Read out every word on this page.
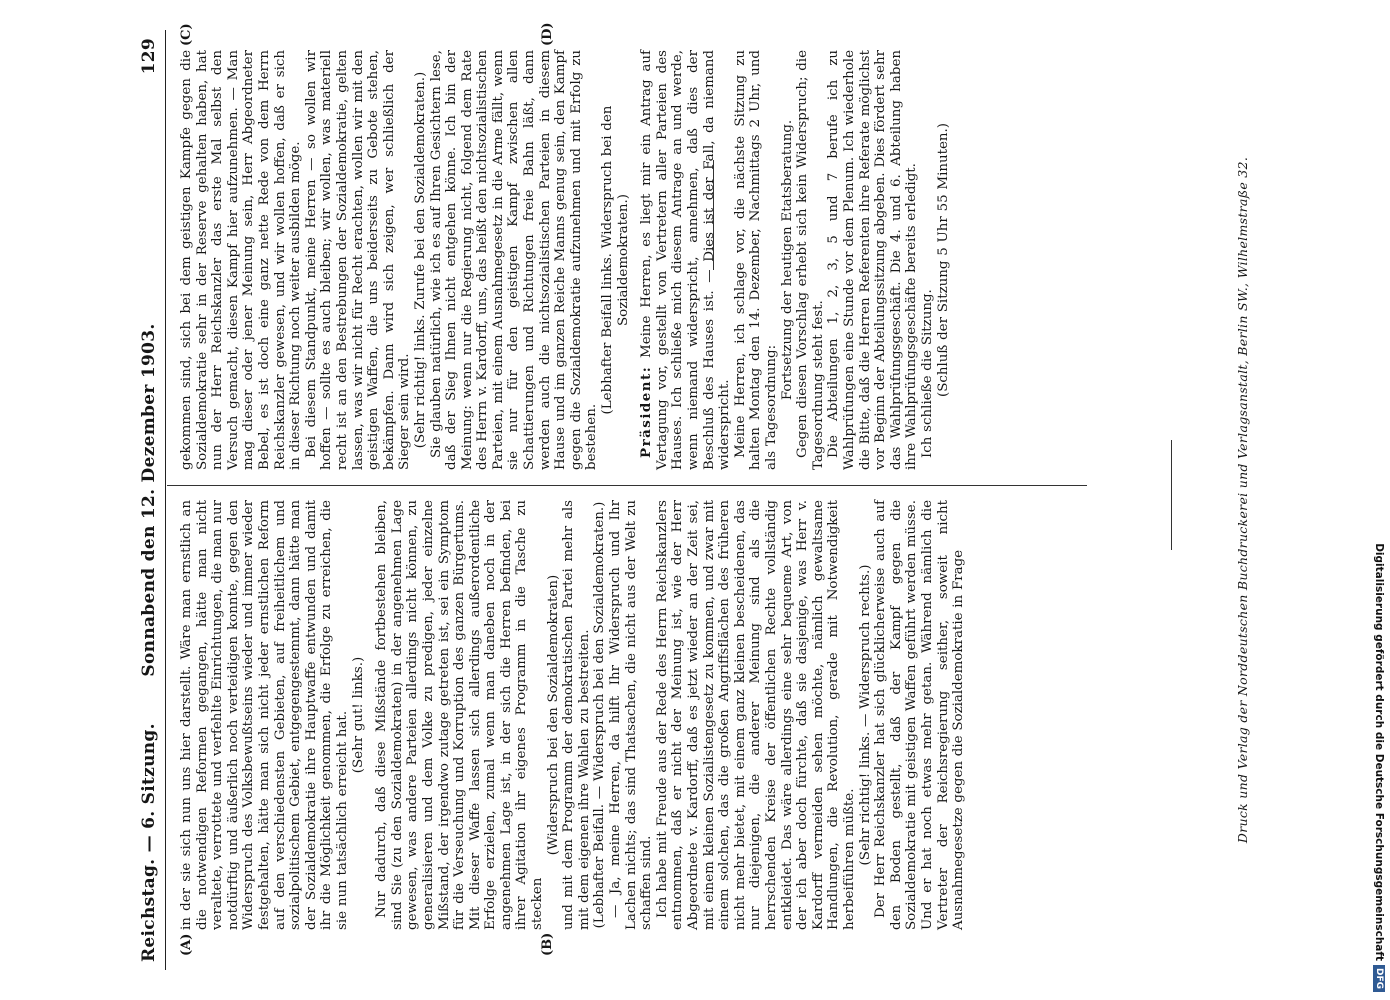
Reichstag. — 6. Sitzung.
Sonnabend den 12. Dezember 1903.
129
(A)	(B)
(C)	(D)

in der sie sich nun uns hier darstellt. Wäre man ernstlich an die notwendigen Reformen gegangen, hätte man nicht veraltete, verrottete und verfehlte Einrichtungen, die man nur notdürftig und äußerlich noch verteidigen konnte, gegen den Widerspruch des Volksbewußtseins wieder und immer wieder festgehalten, hätte man sich nicht jeder ernstlichen Reform auf den verschiedensten Gebieten, auf freiheitlichem und sozialpolitischem Gebiet, entgegengestemmt, dann hätte man der Sozialdemokratie ihre Hauptwaffe entwunden und damit ihr die Möglichkeit genommen, die Erfolge zu erreichen, die sie nun tatsächlich erreicht hat. (Sehr gut! links.) Nur dadurch, daß diese Mißstände fortbestehen bleiben, sind Sie (zu den Sozialdemokraten) in der angenehmen Lage gewesen, was andere Parteien allerdings nicht können, zu generalisieren und dem Volke zu predigen, jeder einzelne Mißstand, der irgendwo zutage getreten ist, sei ein Symptom für die Verseuchung und Korruption des ganzen Bürgertums. Mit dieser Waffe lassen sich allerdings außerordentliche Erfolge erzielen, zumal wenn man daneben noch in der angenehmen Lage ist, in der sich die Herren befinden, bei ihrer Agitation ihr eigenes Programm in die Tasche zu stecken

(Widerspruch bei den Sozialdemokraten) und mit dem Programm der demokratischen Partei mehr als mit dem eigenen ihre Wahlen zu bestreiten. (Lebhafter Beifall. — Widerspruch bei den Sozialdemokraten.) — Ja, meine Herren, da hilft Ihr Widerspruch und Ihr Lachen nichts; das sind Thatsachen, die nicht aus der Welt zu schaffen sind. Ich habe mit Freude aus der Rede des Herrn Reichskanzlers entnommen, daß er nicht der Meinung ist, wie der Herr Abgeordnete v. Kardorff, daß es jetzt wieder an der Zeit sei, mit einem kleinen Sozialistengesetz zu kommen, und zwar mit einem solchen, das die großen Angriffsflächen des früheren nicht mehr bietet, mit einem ganz kleinen bescheidenen, das nur diejenigen, die anderer Meinung sind als die herrschenden Kreise der öffentlichen Rechte vollständig entkleidet. Das wäre allerdings eine sehr bequeme Art, von der ich aber doch fürchte, daß sie dasjenige, was Herr v. Kardorff vermeiden sehen möchte, nämlich gewaltsame Handlungen, die Revolution, gerade mit Notwendigkeit herbeiführen müßte. (Sehr richtig! links. — Widerspruch rechts.) Der Herr Reichskanzler hat sich glücklicherweise auch auf den Boden gestellt, daß der Kampf gegen die Sozialdemokratie mit geistigen Waffen geführt werden müsse. Und er hat noch etwas mehr getan. Während nämlich die Vertreter der Reichsregierung seither, soweit nicht Ausnahmegesetze gegen die Sozialdemokratie in Frage

gekommen sind, sich bei dem geistigen Kampfe gegen die Sozialdemokratie sehr in der Reserve gehalten haben, hat nun der Herr Reichskanzler das erste Mal selbst den Versuch gemacht, diesen Kampf hier aufzunehmen. — Man mag dieser oder jener Meinung sein, Herr Abgeordneter Bebel, es ist doch eine ganz nette Rede von dem Herrn Reichskanzler gewesen, und wir wollen hoffen, daß er sich in dieser Richtung noch weiter ausbilden möge. Bei diesem Standpunkt, meine Herren — so wollen wir hoffen — sollte es auch bleiben; wir wollen, was materiell recht ist an den Bestrebungen der Sozialdemokratie, gelten lassen, was wir nicht für Recht erachten, wollen wir mit den geistigen Waffen, die uns beiderseits zu Gebote stehen, bekämpfen. Dann wird sich zeigen, wer schließlich der Sieger sein wird. (Sehr richtig! links. Zurufe bei den Sozialdemokraten.) Sie glauben natürlich, wie ich es auf Ihren Gesichtern lese, daß der Sieg Ihnen nicht entgehen könne. Ich bin der Meinung: wenn nur die Regierung nicht, folgend dem Rate des Herrn v. Kardorff, uns, das heißt den nichtsozialistischen Parteien, mit einem Ausnahmegesetz in die Arme fällt, wenn sie nur für den geistigen Kampf zwischen allen Schattierungen und Richtungen freie Bahn läßt, dann werden auch die nichtsozialistischen Parteien in diesem Hause und im ganzen Reiche Manns genug sein, den Kampf gegen die Sozialdemokratie aufzunehmen und mit Erfolg zu bestehen.

(Lebhafter Beifall links. Widerspruch bei den Sozialdemokraten.)

Präsident: Meine Herren, es liegt mir ein Antrag auf Vertagung vor, gestellt von Vertretern aller Parteien des Hauses. Ich schließe mich diesem Antrage an und werde, wenn niemand widerspricht, annehmen, daß dies der Beschluß des Hauses ist. — Dies ist der Fall, da niemand widerspricht. Meine Herren, ich schlage vor, die nächste Sitzung zu halten Montag den 14. Dezember, Nachmittags 2 Uhr, und als Tagesordnung:

Fortsetzung der heutigen Etatsberatung. Gegen diesen Vorschlag erhebt sich kein Widerspruch; die Tagesordnung steht fest. Die Abteilungen 1, 2, 3, 5 und 7 berufe ich zu Wahlprüfungen eine Stunde vor dem Plenum. Ich wiederhole die Bitte, daß die Herren Referenten ihre Referate möglichst vor Beginn der Abteilungssitzung abgeben. Dies fördert sehr das Wahlprüfungsgeschäft. Die 4. und 6. Abteilung haben ihre Wahlprüfungsgeschäfte bereits erledigt. Ich schließe die Sitzung. (Schluß der Sitzung 5 Uhr 55 Minuten.)	Druck und Verlag der Norddeutschen Buchdruckerei und Verlagsanstalt, Berlin SW., Wilhelmstraße 32.	Digitalisierung gefördert durch die Deutsche ForschungsgemeinschaftDFG
